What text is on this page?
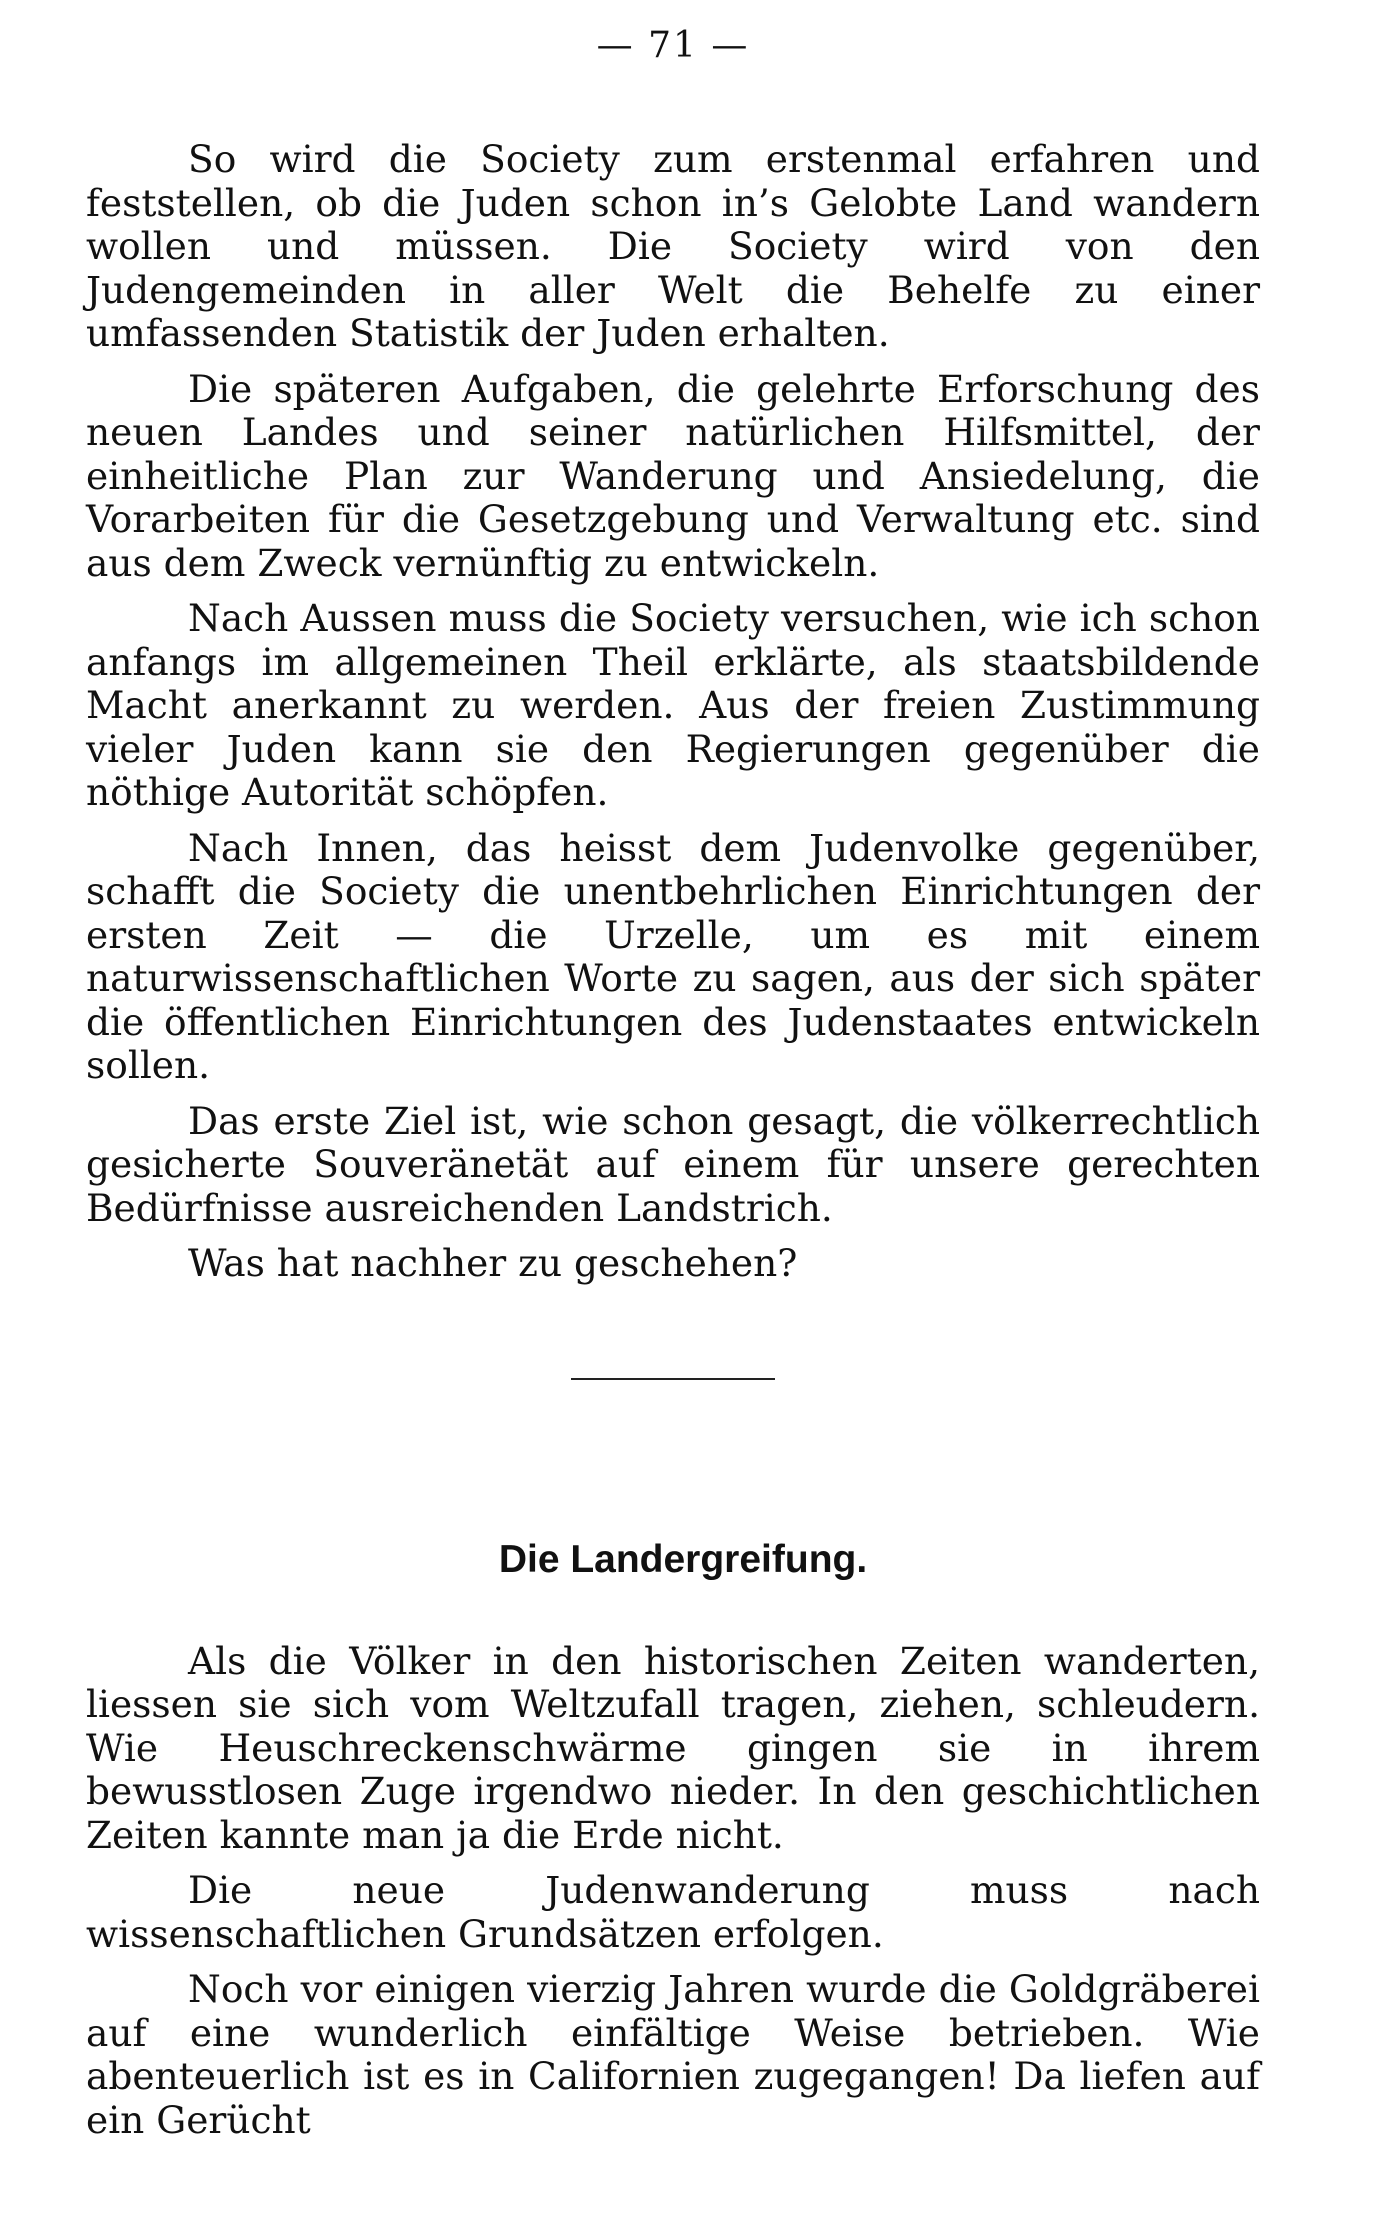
— 71 —

So wird die Society zum erstenmal erfahren und feststellen, ob die Juden schon in’s Gelobte Land wandern wollen und müssen. Die Society wird von den Judengemeinden in aller Welt die Behelfe zu einer umfassenden Statistik der Juden erhalten.

Die späteren Aufgaben, die gelehrte Erforschung des neuen Landes und seiner natürlichen Hilfsmittel, der einheitliche Plan zur Wanderung und Ansiedelung, die Vorarbeiten für die Gesetzgebung und Verwaltung etc. sind aus dem Zweck vernünftig zu entwickeln.

Nach Aussen muss die Society versuchen, wie ich schon anfangs im allgemeinen Theil erklärte, als staatsbildende Macht anerkannt zu werden. Aus der freien Zustimmung vieler Juden kann sie den Regierungen gegenüber die nöthige Autorität schöpfen.

Nach Innen, das heisst dem Judenvolke gegenüber, schafft die Society die unentbehrlichen Einrichtungen der ersten Zeit — die Urzelle, um es mit einem naturwissenschaftlichen Worte zu sagen, aus der sich später die öffentlichen Einrichtungen des Judenstaates entwickeln sollen.

Das erste Ziel ist, wie schon gesagt, die völkerrechtlich gesicherte Souveränetät auf einem für unsere gerechten Bedürfnisse ausreichenden Landstrich.

Was hat nachher zu geschehen?

Die Landergreifung.

Als die Völker in den historischen Zeiten wanderten, liessen sie sich vom Weltzufall tragen, ziehen, schleudern. Wie Heuschreckenschwärme gingen sie in ihrem bewusstlosen Zuge irgendwo nieder. In den geschichtlichen Zeiten kannte man ja die Erde nicht.

Die neue Judenwanderung muss nach wissenschaftlichen Grundsätzen erfolgen.

Noch vor einigen vierzig Jahren wurde die Goldgräberei auf eine wunderlich einfältige Weise betrieben. Wie abenteuerlich ist es in Californien zugegangen! Da liefen auf ein Gerücht
